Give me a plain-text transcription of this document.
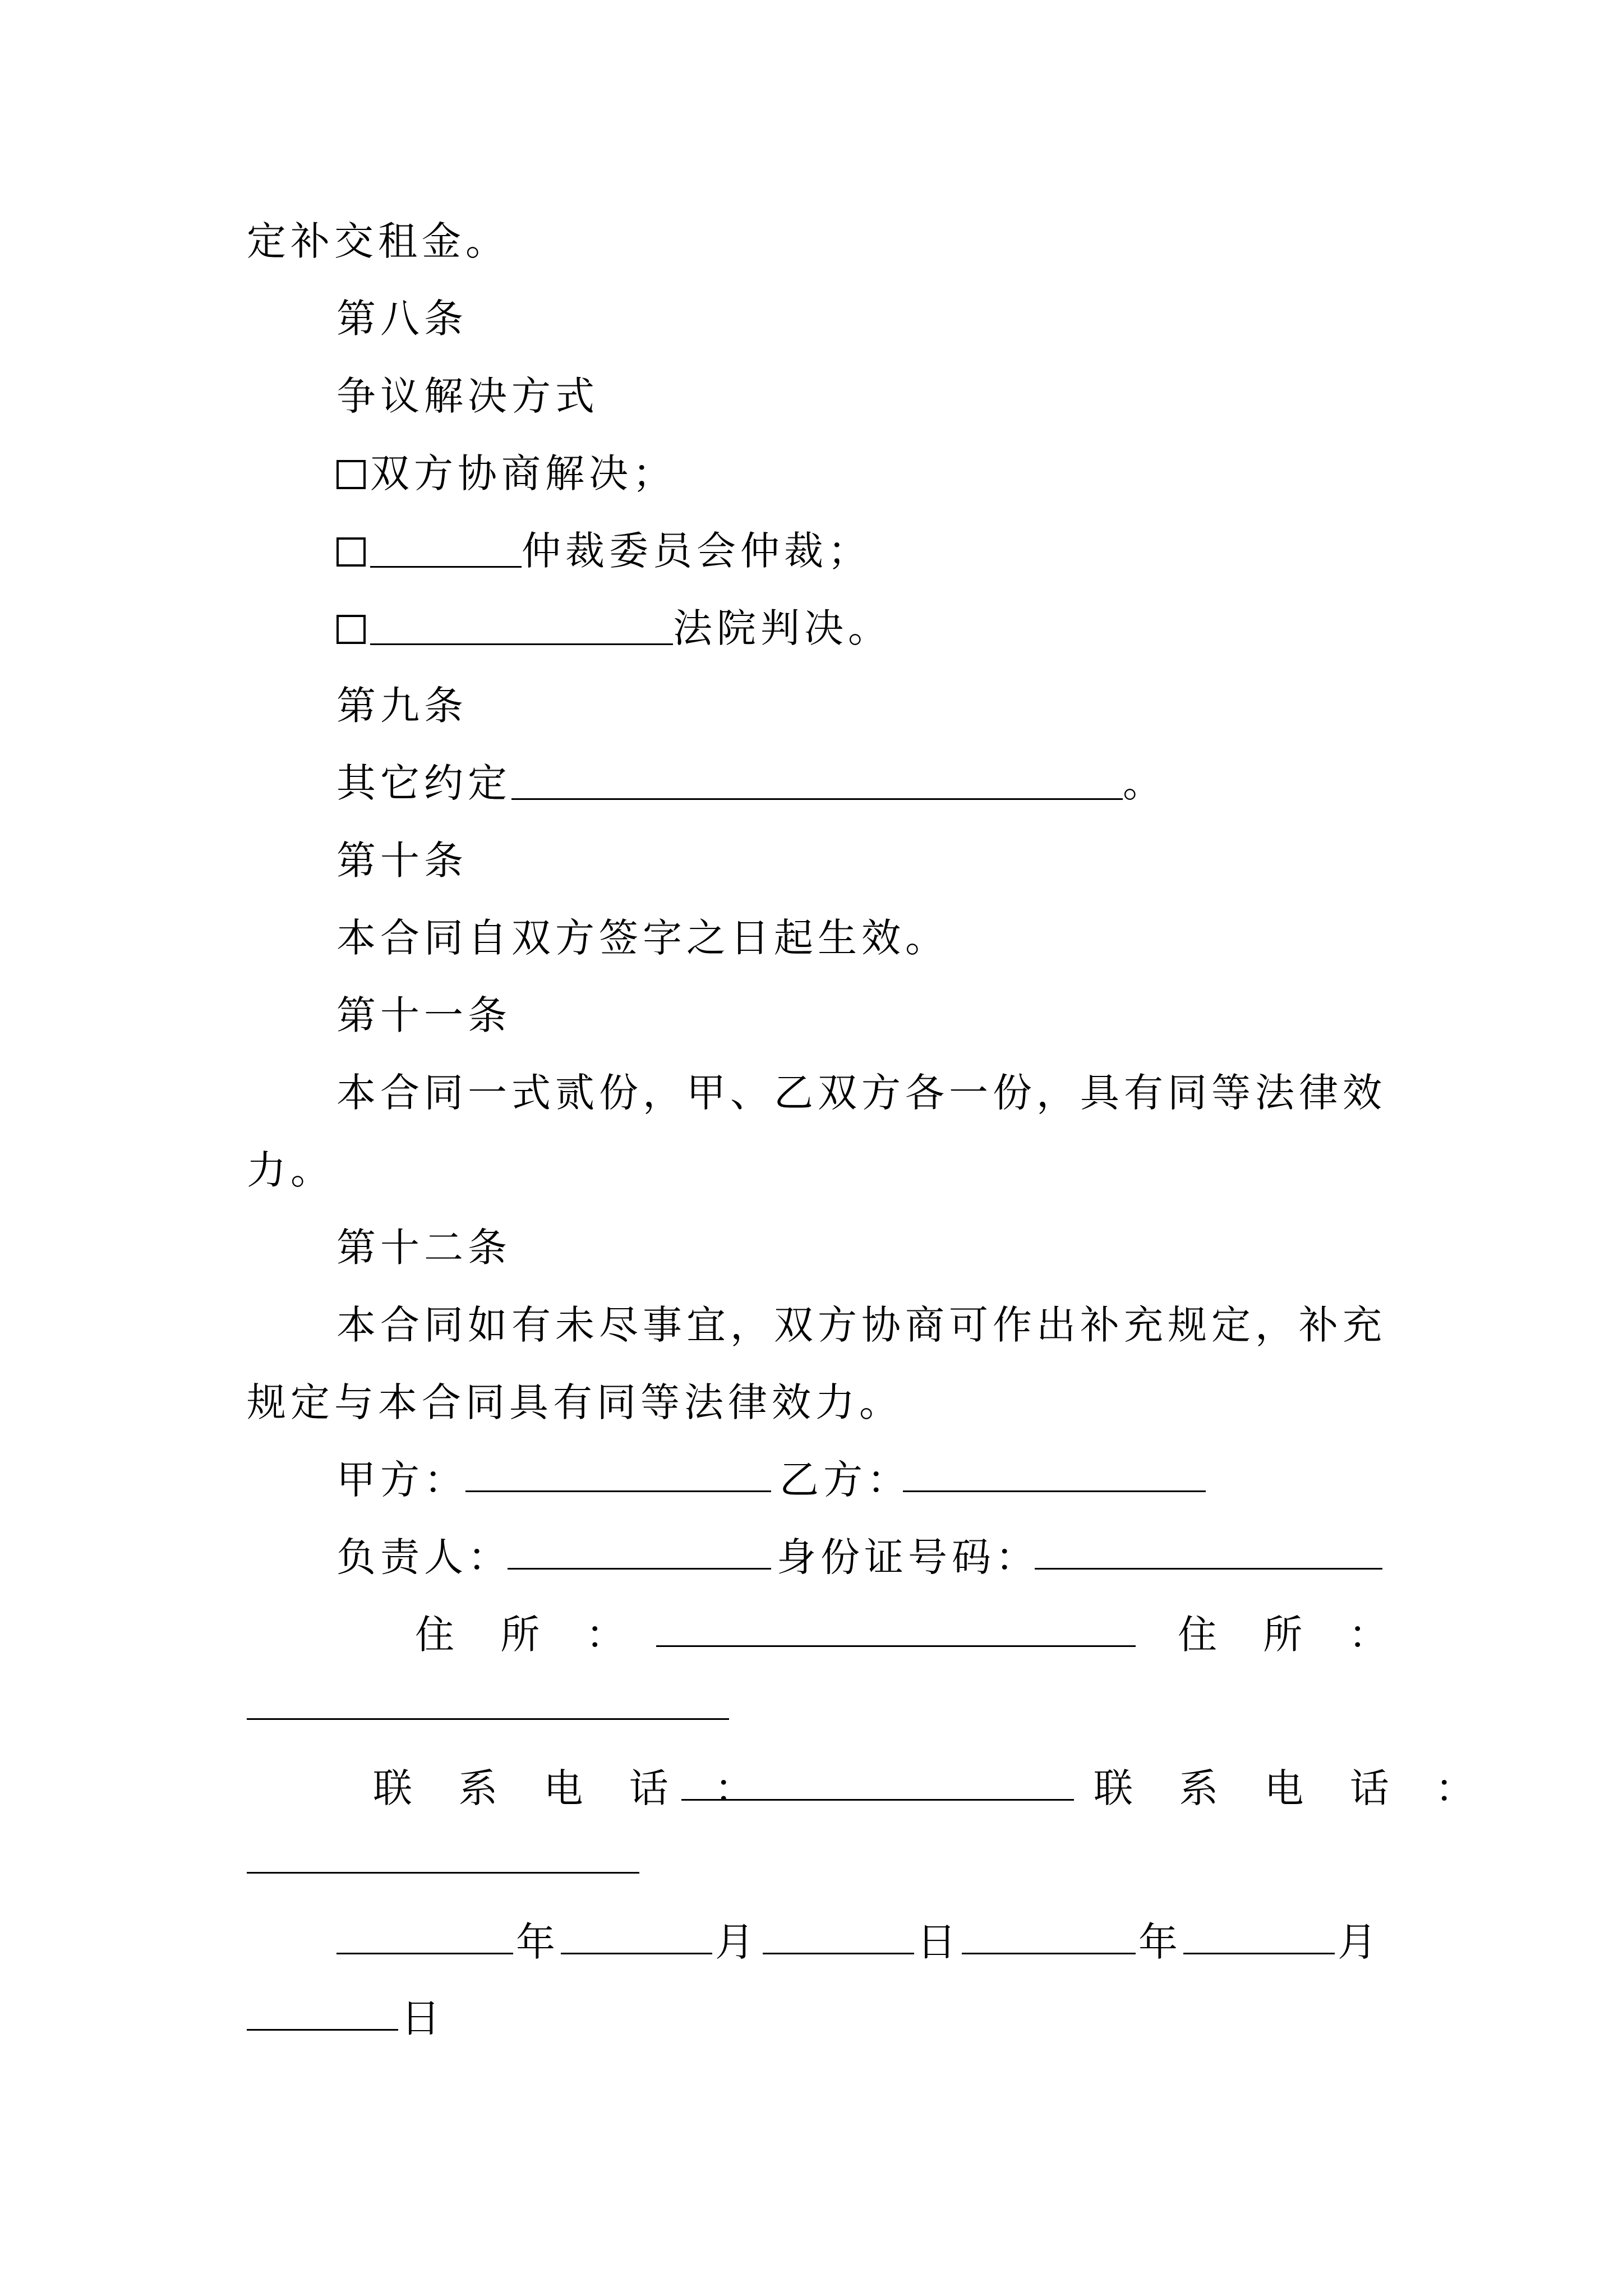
定补交租金。
第八条
争议解决方式
双方协商解决；
仲裁委员会仲裁；
法院判决。
第九条
其它约定	。
第十条
本合同自双方签字之日起生效。
第十一条
本合同一式贰份，甲、乙双方各一份，具有同等法律效
力。
第十二条
本合同如有未尽事宜，双方协商可作出补充规定，补充
规定与本合同具有同等法律效力。
甲方：	乙方：
负责人：	身份证号码：
住 所 ：	住 所 ：
联 系 电 话 ：	联 系 电 话 ：
年	月	日	年	月
日
